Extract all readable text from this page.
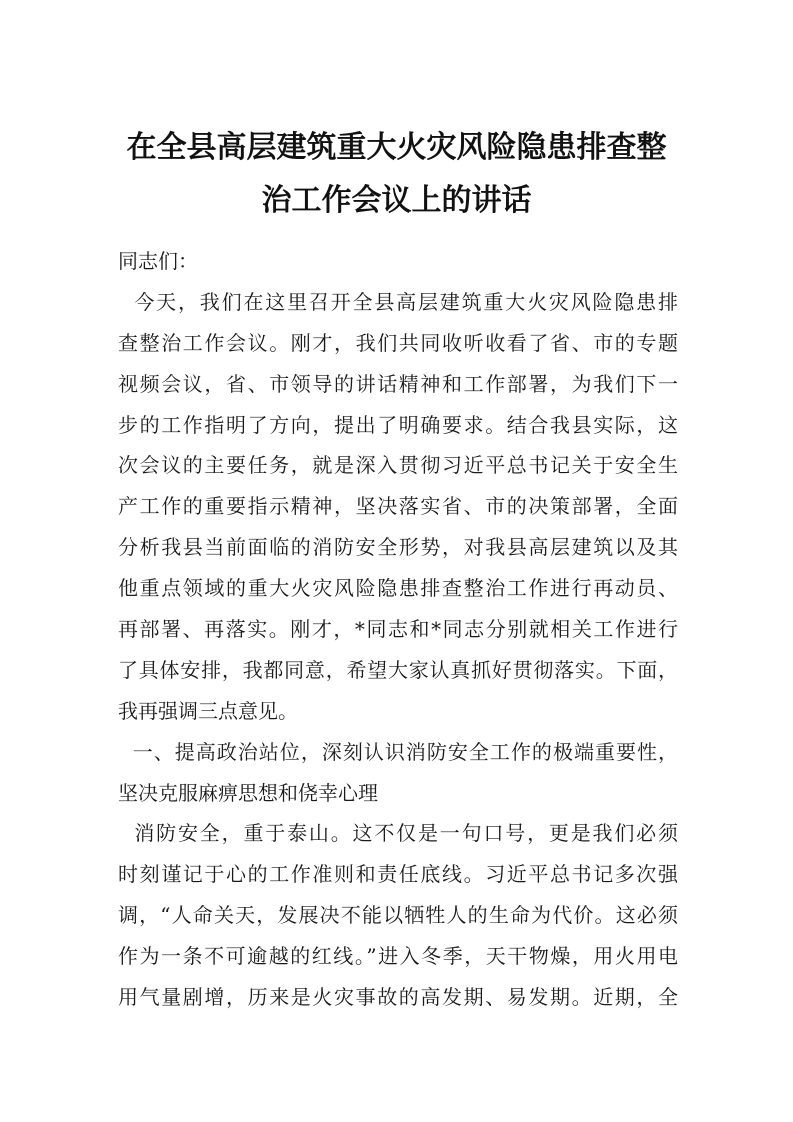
在全县高层建筑重大火灾风险隐患排查整
治工作会议上的讲话
同志们：
今天，我们在这里召开全县高层建筑重大火灾风险隐患排
查整治工作会议。刚才，我们共同收听收看了省、市的专题
视频会议，省、市领导的讲话精神和工作部署，为我们下一
步的工作指明了方向，提出了明确要求。结合我县实际，这
次会议的主要任务，就是深入贯彻习近平总书记关于安全生
产工作的重要指示精神，坚决落实省、市的决策部署，全面
分析我县当前面临的消防安全形势，对我县高层建筑以及其
他重点领域的重大火灾风险隐患排查整治工作进行再动员、
再部署、再落实。刚才，*同志和*同志分别就相关工作进行
了具体安排，我都同意，希望大家认真抓好贯彻落实。下面，
我再强调三点意见。
一、提高政治站位，深刻认识消防安全工作的极端重要性，
坚决克服麻痹思想和侥幸心理
消防安全，重于泰山。这不仅是一句口号，更是我们必须
时刻谨记于心的工作准则和责任底线。习近平总书记多次强
调，“人命关天，发展决不能以牺牲人的生命为代价。这必须
作为一条不可逾越的红线。”进入冬季，天干物燥，用火用电
用气量剧增，历来是火灾事故的高发期、易发期。近期，全
